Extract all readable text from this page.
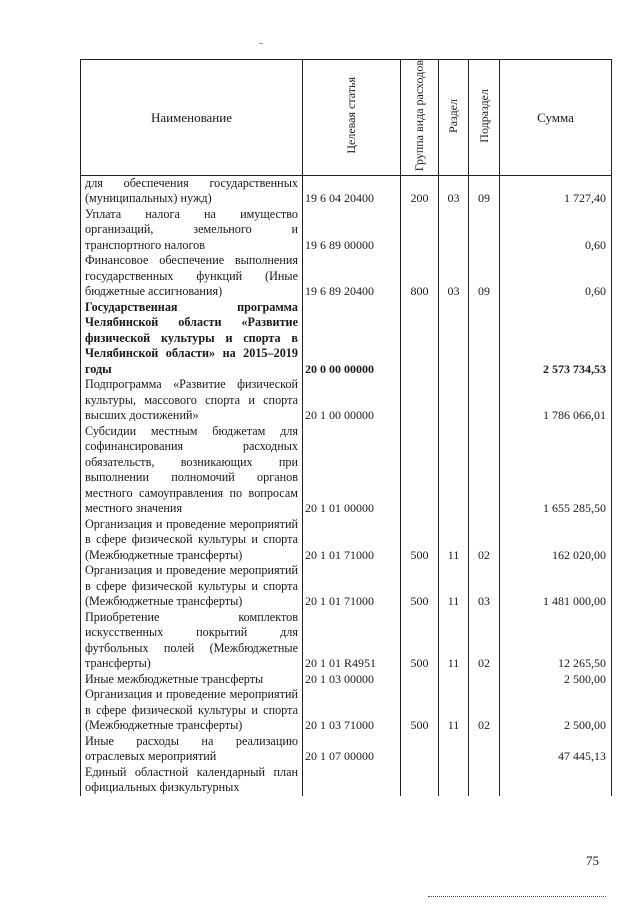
Наименование	Целевая статья	Группа вида расходов	Раздел	Подраздел	Сумма
для обеспечения государственных (муниципальных) нужд)	19 6 04 20400	200	03	09	1 727,40
Уплата налога на имущество организаций, земельного и транспортного налогов	19 6 89 00000				0,60
Финансовое обеспечение выполнения государственных функций (Иные бюджетные ассигнования)	19 6 89 20400	800	03	09	0,60
Государственная программа Челябинской области «Развитие физической культуры и спорта в Челябинской области» на 2015–2019 годы	20 0 00 00000				2 573 734,53
Подпрограмма «Развитие физической культуры, массового спорта и спорта высших достижений»	20 1 00 00000				1 786 066,01
Субсидии местным бюджетам для софинансирования расходных обязательств, возникающих при выполнении полномочий органов местного самоуправления по вопросам местного значения	20 1 01 00000				1 655 285,50
Организация и проведение мероприятий в сфере физической культуры и спорта (Межбюджетные трансферты)	20 1 01 71000	500	11	02	162 020,00
Организация и проведение мероприятий в сфере физической культуры и спорта (Межбюджетные трансферты)	20 1 01 71000	500	11	03	1 481 000,00
Приобретение комплектов искусственных покрытий для футбольных полей (Межбюджетные трансферты)	20 1 01 R4951	500	11	02	12 265,50
Иные межбюджетные трансферты	20 1 03 00000				2 500,00
Организация и проведение мероприятий в сфере физической культуры и спорта (Межбюджетные трансферты)	20 1 03 71000	500	11	02	2 500,00
Иные расходы на реализацию отраслевых мероприятий	20 1 07 00000				47 445,13
Единый областной календарный план официальных физкультурных					
75
